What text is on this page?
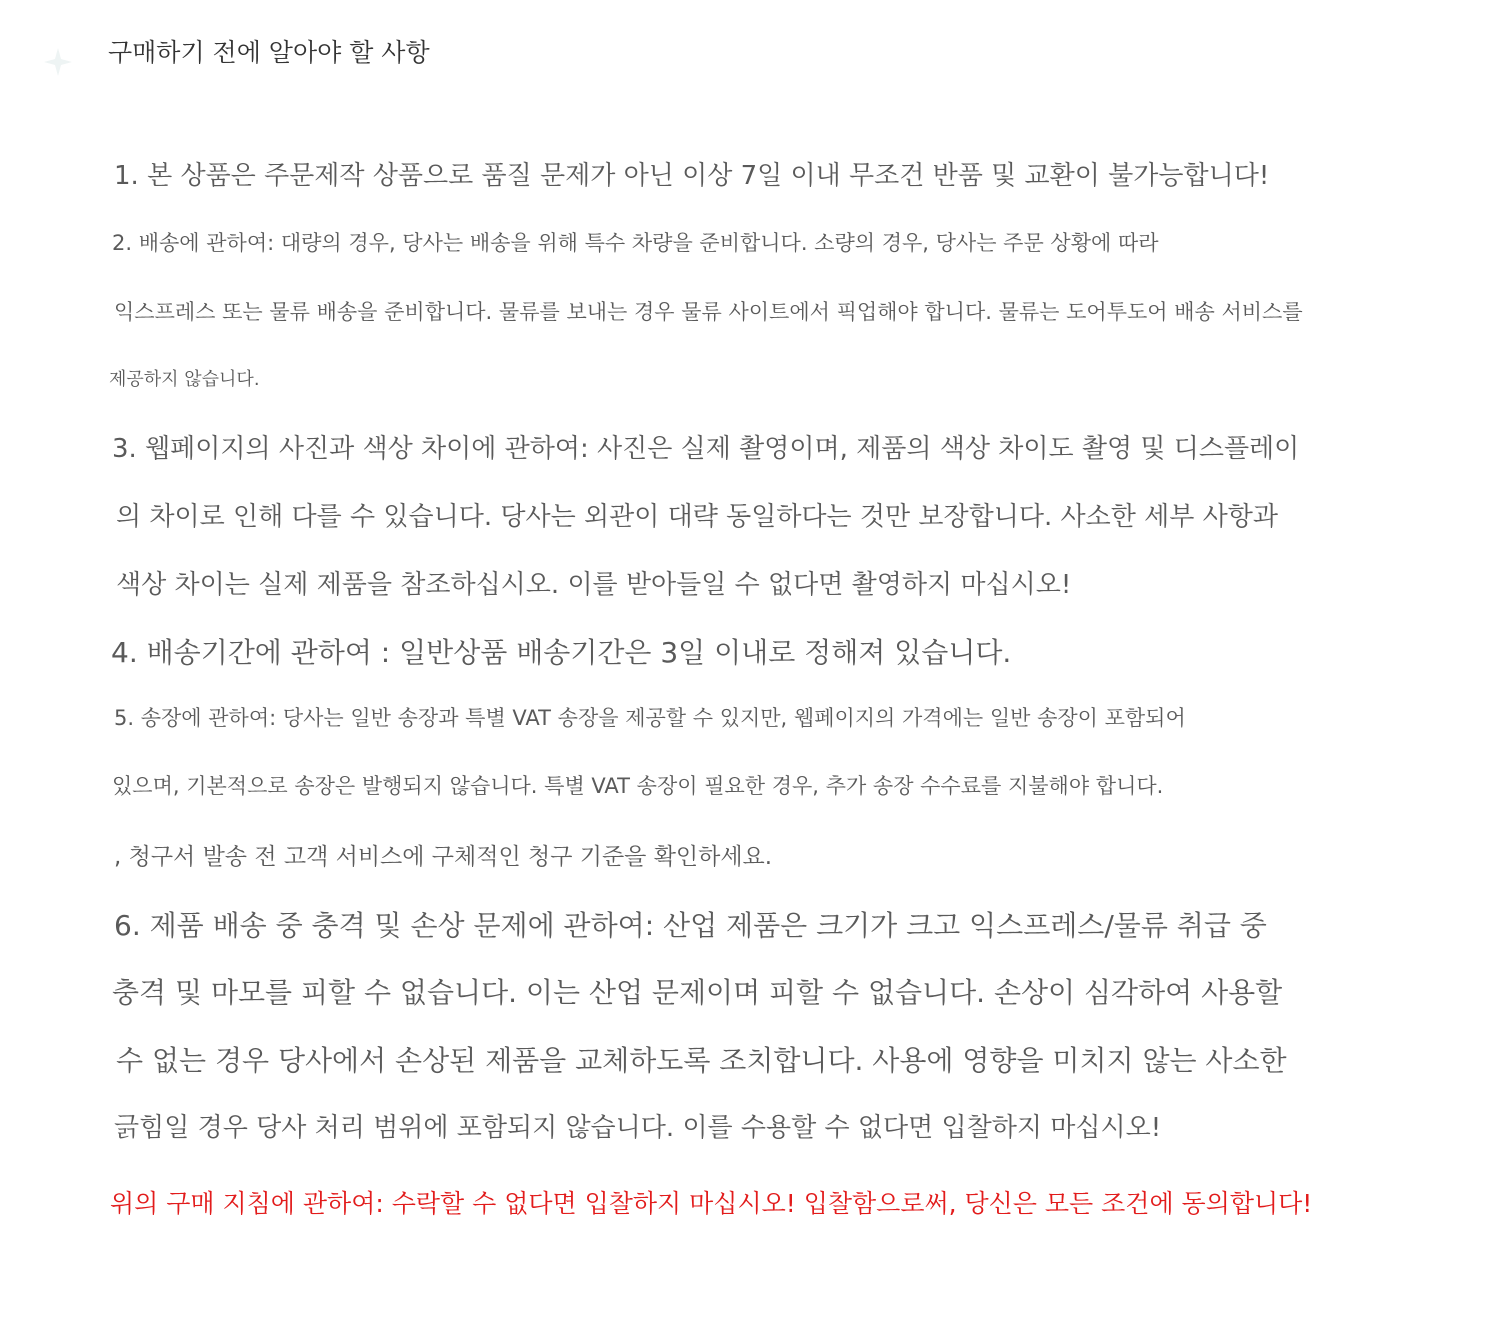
구매하기 전에 알아야 할 사항
1. 본 상품은 주문제작 상품으로 품질 문제가 아닌 이상 7일 이내 무조건 반품 및 교환이 불가능합니다!
2. 배송에 관하여: 대량의 경우, 당사는 배송을 위해 특수 차량을 준비합니다. 소량의 경우, 당사는 주문 상황에 따라
익스프레스 또는 물류 배송을 준비합니다. 물류를 보내는 경우 물류 사이트에서 픽업해야 합니다. 물류는 도어투도어 배송 서비스를
제공하지 않습니다.
3. 웹페이지의 사진과 색상 차이에 관하여: 사진은 실제 촬영이며, 제품의 색상 차이도 촬영 및 디스플레이
의 차이로 인해 다를 수 있습니다. 당사는 외관이 대략 동일하다는 것만 보장합니다. 사소한 세부 사항과
색상 차이는 실제 제품을 참조하십시오. 이를 받아들일 수 없다면 촬영하지 마십시오!
4. 배송기간에 관하여 : 일반상품 배송기간은 3일 이내로 정해져 있습니다.
5. 송장에 관하여: 당사는 일반 송장과 특별 VAT 송장을 제공할 수 있지만, 웹페이지의 가격에는 일반 송장이 포함되어
있으며, 기본적으로 송장은 발행되지 않습니다. 특별 VAT 송장이 필요한 경우, 추가 송장 수수료를 지불해야 합니다.
, 청구서 발송 전 고객 서비스에 구체적인 청구 기준을 확인하세요.
6. 제품 배송 중 충격 및 손상 문제에 관하여: 산업 제품은 크기가 크고 익스프레스/물류 취급 중
충격 및 마모를 피할 수 없습니다. 이는 산업 문제이며 피할 수 없습니다. 손상이 심각하여 사용할
수 없는 경우 당사에서 손상된 제품을 교체하도록 조치합니다. 사용에 영향을 미치지 않는 사소한
긁힘일 경우 당사 처리 범위에 포함되지 않습니다. 이를 수용할 수 없다면 입찰하지 마십시오!
위의 구매 지침에 관하여: 수락할 수 없다면 입찰하지 마십시오! 입찰함으로써, 당신은 모든 조건에 동의합니다!
